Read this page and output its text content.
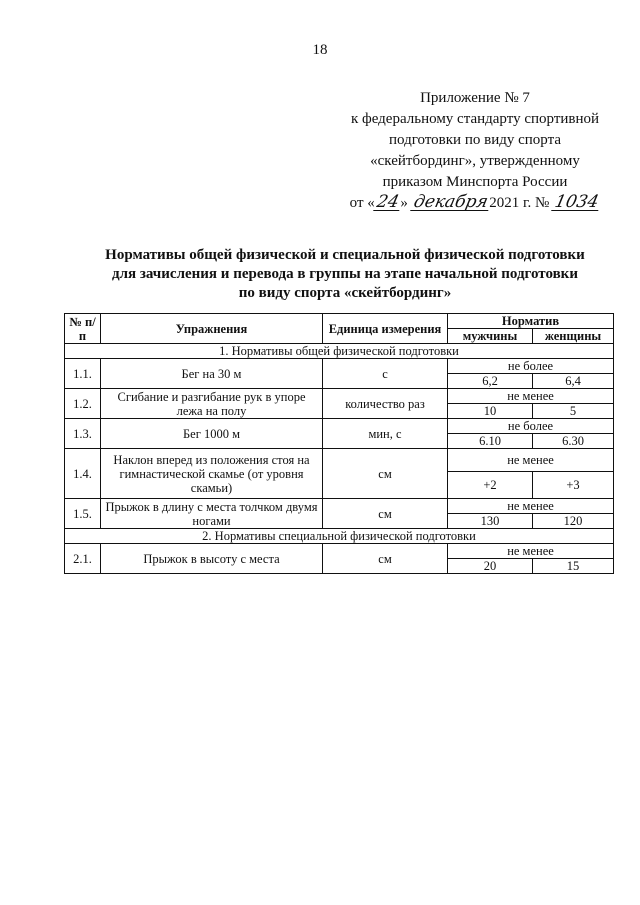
18
Приложение № 7
к федеральному стандарту спортивной
подготовки по виду спорта
«скейтбординг», утвержденному
приказом Минспорта России
от «24» декабря2021 г. № 1034
Нормативы общей физической и специальной физической подготовки
для зачисления и перевода в группы на этапе начальной подготовки
по виду спорта «скейтбординг»
№ п/п	Упражнения	Единица измерения	Норматив	
			мужчины	женщины
1. Нормативы общей физической подготовки				
1.1.	Бег на 30 м	с	не более	
			6,2	6,4
1.2.	Сгибание и разгибание рук в упоре лежа на полу	количество раз	не менее	
			10	5
1.3.	Бег 1000 м	мин, с	не более	
			6.10	6.30
1.4.	Наклон вперед из положения стоя на гимнастической скамье (от уровня скамьи)	см	не менее	
			+2	+3
1.5.	Прыжок в длину с места толчком двумя ногами	см	не менее	
			130	120
2. Нормативы специальной физической подготовки				
2.1.	Прыжок в высоту с места	см	не менее	
			20	15
